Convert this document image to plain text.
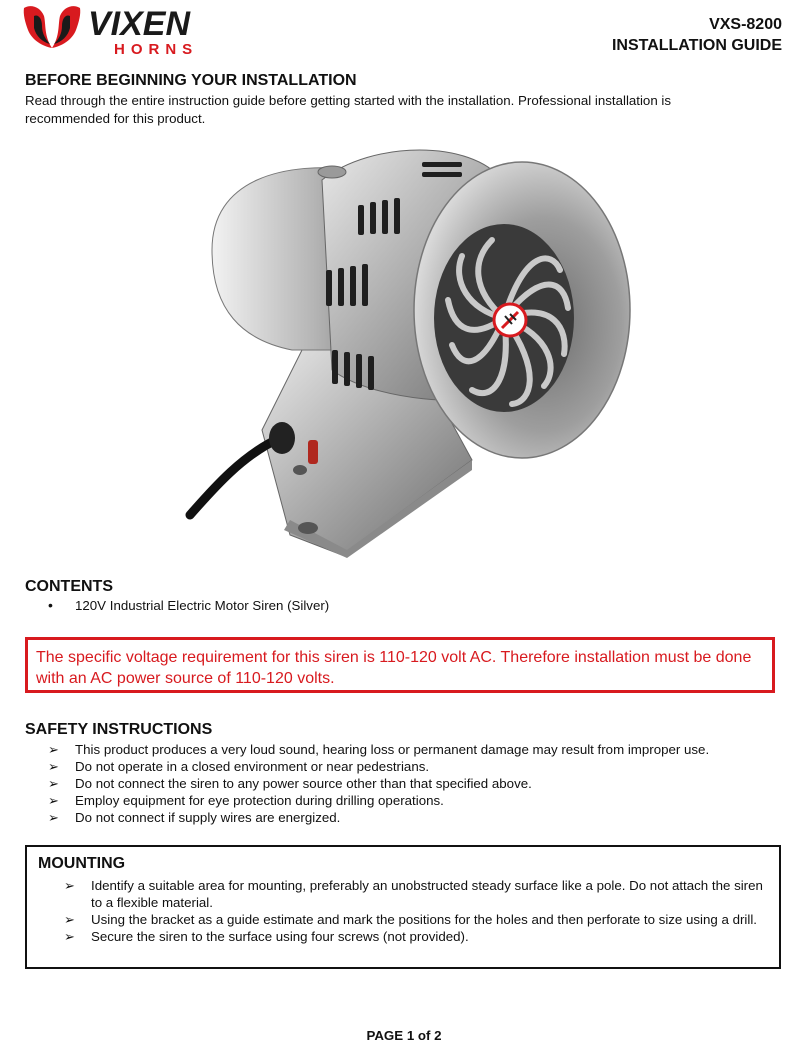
VIXEN
HORNS
VXS-8200
INSTALLATION GUIDE
BEFORE BEGINNING YOUR INSTALLATION
Read through the entire instruction guide before getting started with the installation. Professional installation is recommended for this product.
CONTENTS
• 120V Industrial Electric Motor Siren (Silver)
The specific voltage requirement for this siren is 110-120 volt AC. Therefore installation must be done with an AC power source of 110-120 volts.
SAFETY INSTRUCTIONS
➢ This product produces a very loud sound, hearing loss or permanent damage may result from improper use.
➢ Do not operate in a closed environment or near pedestrians.
➢ Do not connect the siren to any power source other than that specified above.
➢ Employ equipment for eye protection during drilling operations.
➢ Do not connect if supply wires are energized.
MOUNTING
➢ Identify a suitable area for mounting, preferably an unobstructed steady surface like a pole. Do not attach the siren to a flexible material.
➢ Using the bracket as a guide estimate and mark the positions for the holes and then perforate to size using a drill.
➢ Secure the siren to the surface using four screws (not provided).
PAGE 1 of 2
